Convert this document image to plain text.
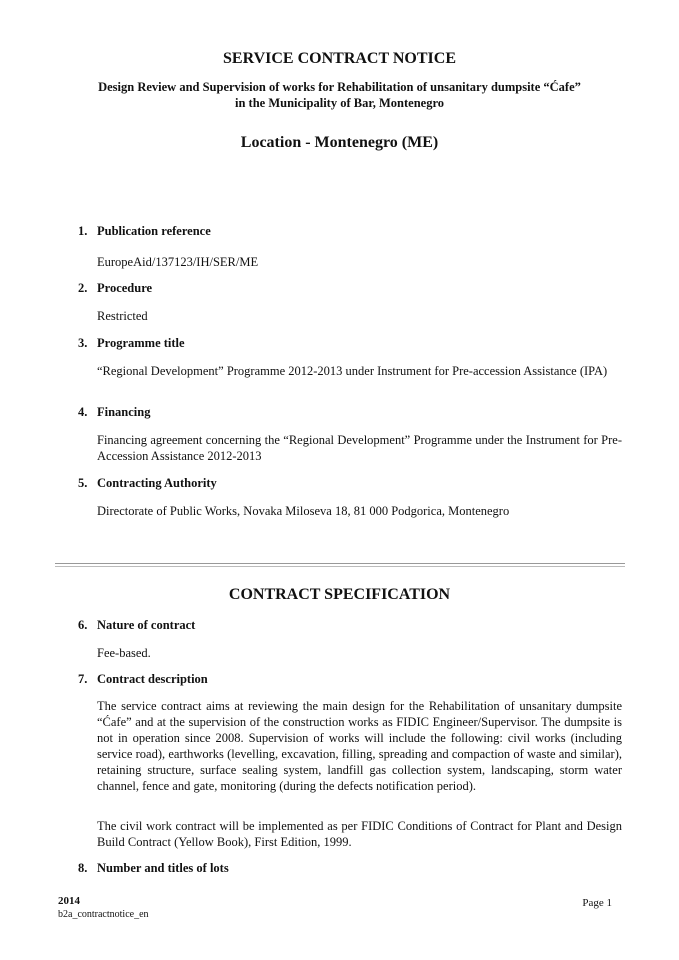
SERVICE CONTRACT NOTICE
Design Review and Supervision of works for Rehabilitation of unsanitary dumpsite “Ćafe”
in the Municipality of Bar, Montenegro
Location - Montenegro (ME)
1. Publication reference
EuropeAid/137123/IH/SER/ME
2. Procedure
Restricted
3. Programme title
“Regional Development” Programme 2012-2013 under Instrument for Pre-accession Assistance (IPA)
4. Financing
Financing agreement concerning the “Regional Development” Programme under the Instrument for Pre-Accession Assistance 2012-2013
5. Contracting Authority
Directorate of Public Works, Novaka Miloseva 18, 81 000 Podgorica, Montenegro
CONTRACT SPECIFICATION
6. Nature of contract
Fee-based.
7. Contract description
The service contract aims at reviewing the main design for the Rehabilitation of unsanitary dumpsite “Ćafe” and at the supervision of the construction works as FIDIC Engineer/Supervisor. The dumpsite is not in operation since 2008. Supervision of works will include the following: civil works (including service road), earthworks (levelling, excavation, filling, spreading and compaction of waste and similar), retaining structure, surface sealing system, landfill gas collection system, landscaping, storm water channel, fence and gate, monitoring (during the defects notification period).
The civil work contract will be implemented as per FIDIC Conditions of Contract for Plant and Design Build Contract (Yellow Book), First Edition, 1999.
8. Number and titles of lots
2014
b2a_contractnotice_en
Page 1
